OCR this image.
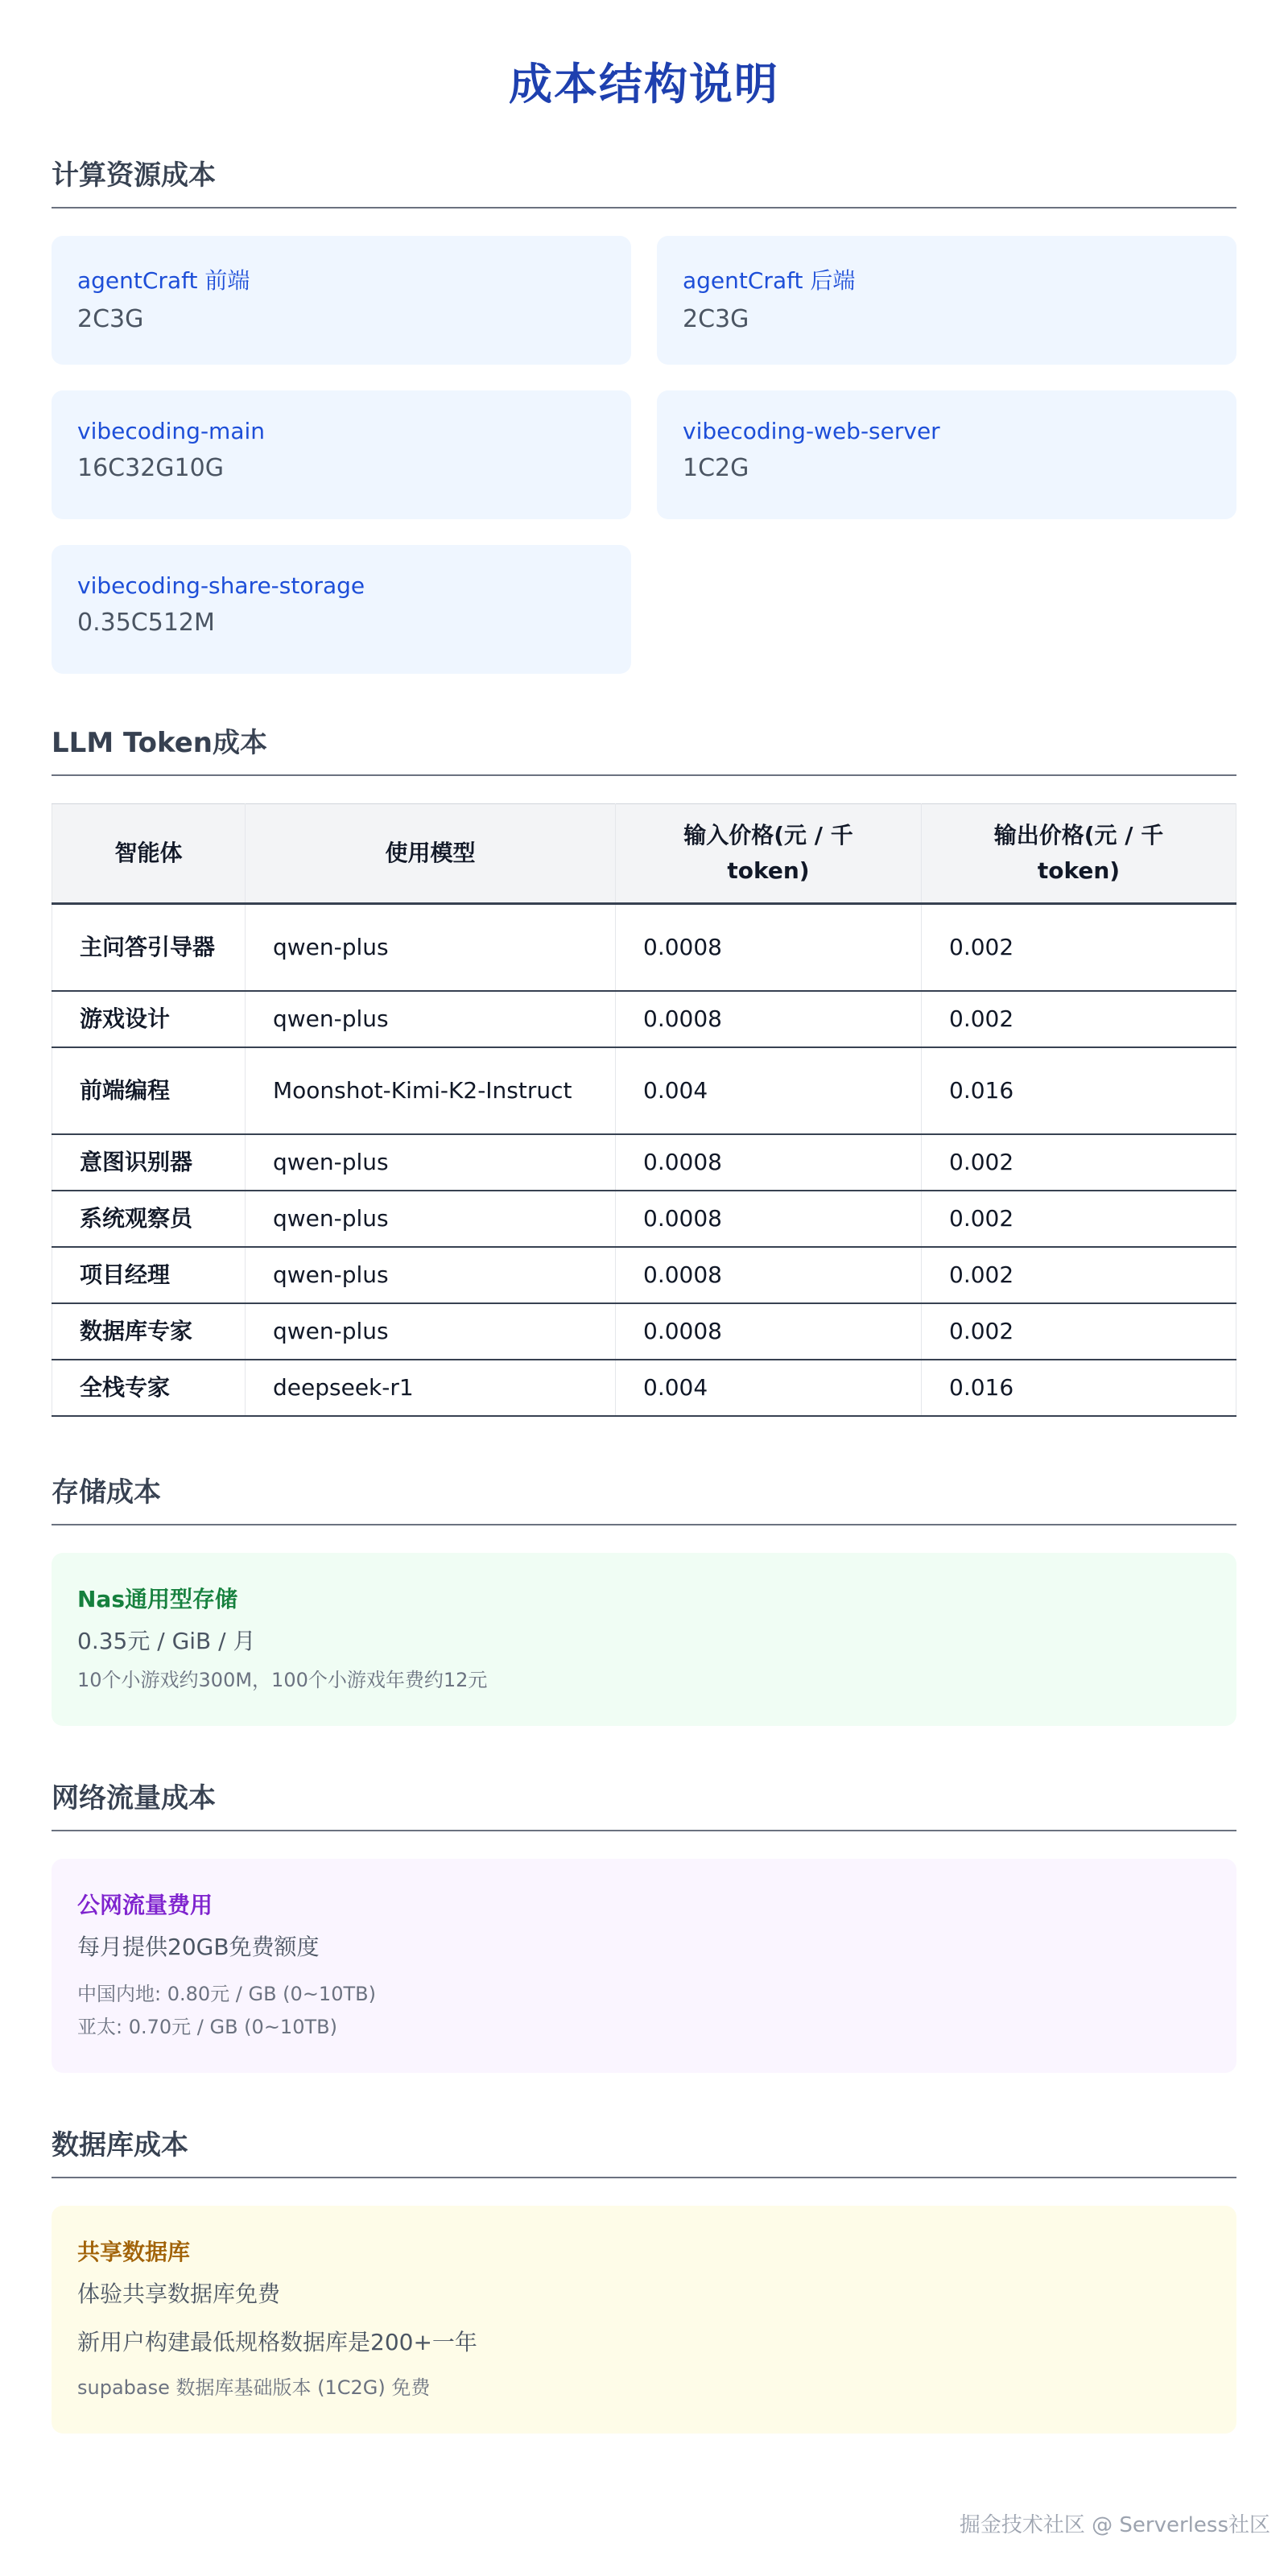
成本结构说明
计算资源成本
agentCraft 前端
2C3G
agentCraft 后端
2C3G
vibecoding-main
16C32G10G
vibecoding-web-server
1C2G
vibecoding-share-storage
0.35C512M
LLM Token成本
智能体	使用模型	输入价格(元 / 千token)	输出价格(元 / 千token)
主问答引导器	qwen-plus	0.0008	0.002
游戏设计	qwen-plus	0.0008	0.002
前端编程	Moonshot-Kimi-K2-Instruct	0.004	0.016
意图识别器	qwen-plus	0.0008	0.002
系统观察员	qwen-plus	0.0008	0.002
项目经理	qwen-plus	0.0008	0.002
数据库专家	qwen-plus	0.0008	0.002
全栈专家	deepseek-r1	0.004	0.016
存储成本
Nas通用型存储
0.35元 / GiB / 月
10个小游戏约300M，100个小游戏年费约12元
网络流量成本
公网流量费用
每月提供20GB免费额度
中国内地: 0.80元 / GB (0~10TB)
亚太: 0.70元 / GB (0~10TB)
数据库成本
共享数据库
体验共享数据库免费
新用户构建最低规格数据库是200+一年
supabase 数据库基础版本 (1C2G) 免费
掘金技术社区 @ Serverless社区
